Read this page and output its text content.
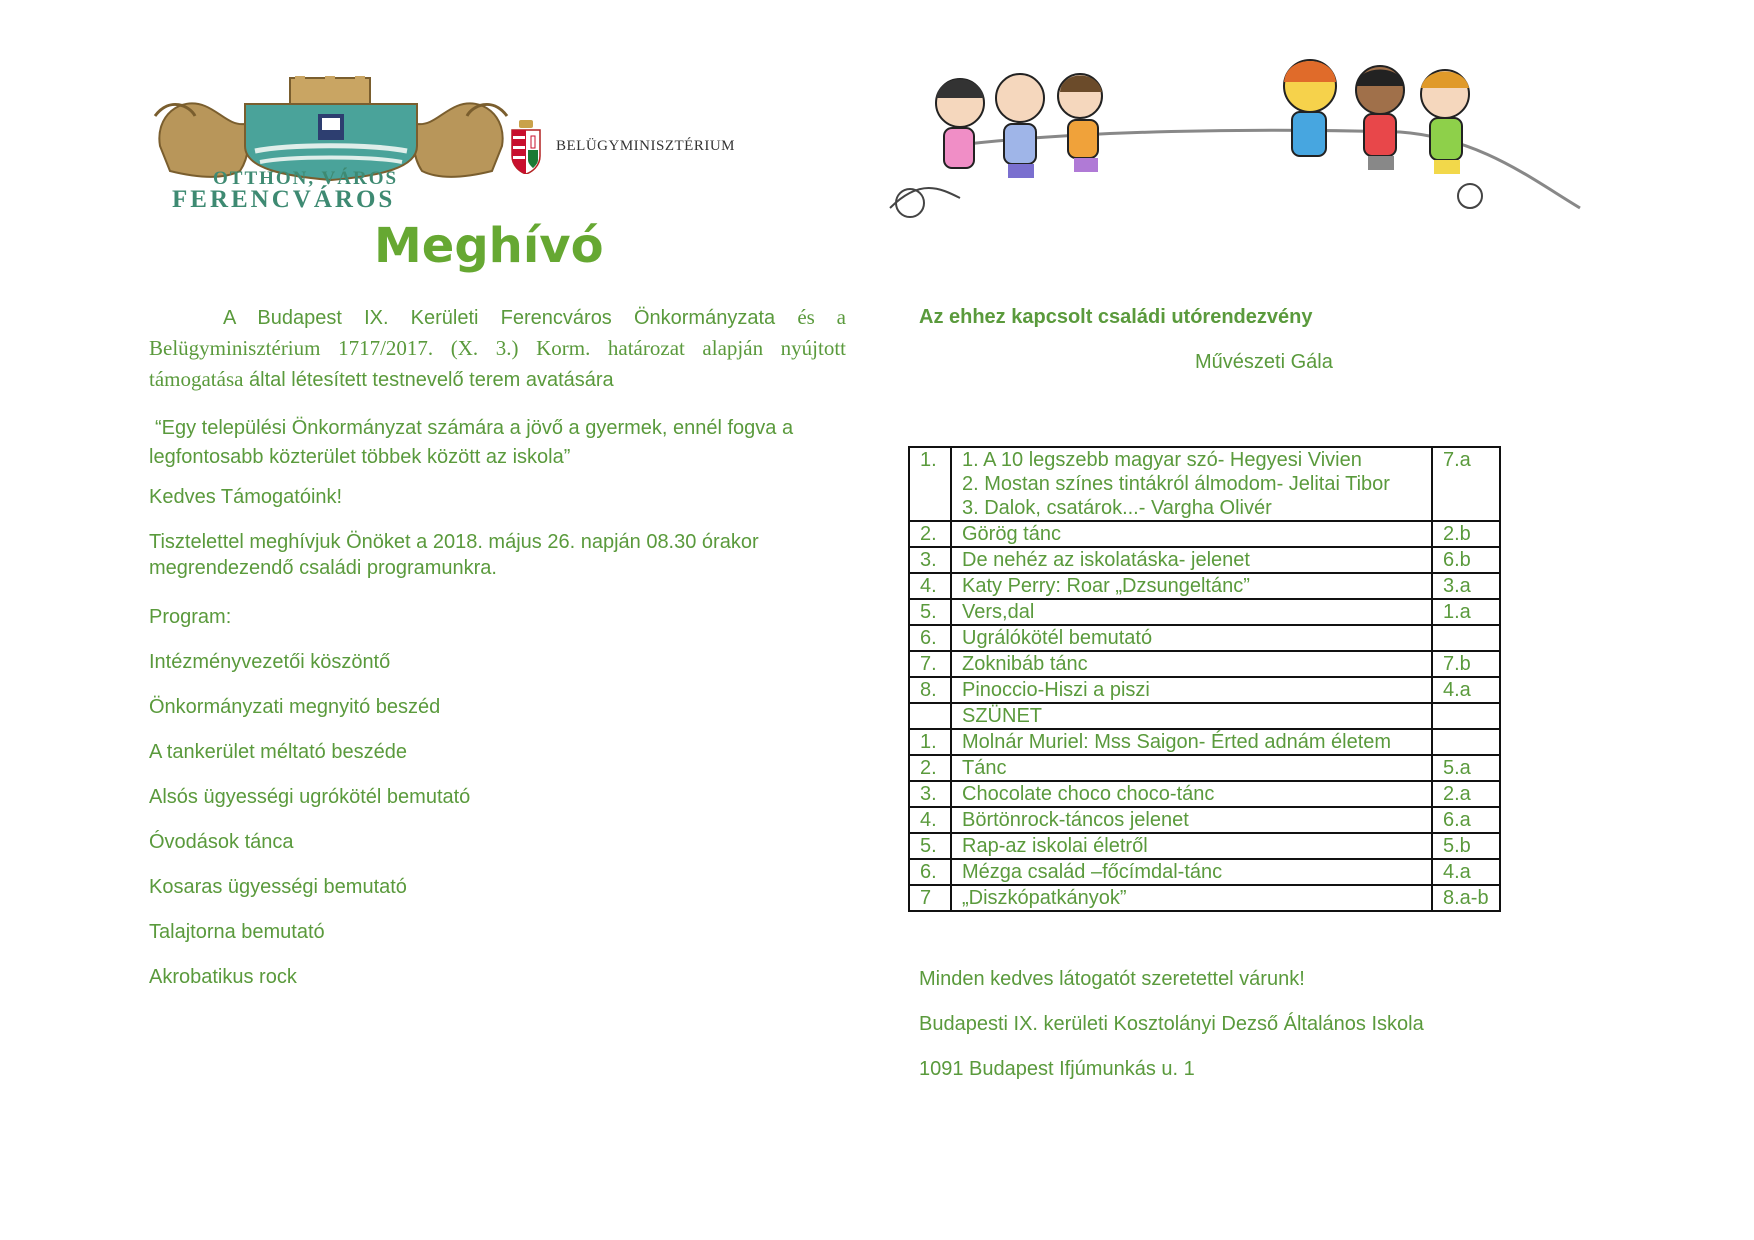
OTTHON, VÁROS
FERENCVÁROS
BELÜGYMINISZTÉRIUM
Meghívó
A Budapest IX. Kerületi Ferencváros Önkormányzata és a Belügyminisztérium 1717/2017. (X. 3.) Korm. határozat alapján nyújtott támogatása által létesített testnevelő terem avatására
“Egy települési Önkormányzat számára a jövő a gyermek, ennél fogva a legfontosabb közterület többek között az iskola”
Kedves Támogatóink!
Tisztelettel meghívjuk Önöket a 2018. május 26. napján 08.30 órakor megrendezendő családi programunkra.
Program:
Intézményvezetői köszöntő
Önkormányzati megnyitó beszéd
A tankerület méltató beszéde
Alsós ügyességi ugrókötél bemutató
Óvodások tánca
Kosaras ügyességi bemutató
Talajtorna bemutató
Akrobatikus rock
Az ehhez kapcsolt családi utórendezvény
Művészeti Gála
1.	1. A 10 legszebb magyar szó- Hegyesi Vivien
2. Mostan színes tintákról álmodom- Jelitai Tibor
3. Dalok, csatárok...- Vargha Olivér	7.a
2.	Görög tánc	2.b
3.	De nehéz az iskolatáska- jelenet	6.b
4.	Katy Perry: Roar „Dzsungeltánc”	3.a
5.	Vers,dal	1.a
6.	Ugrálókötél bemutató	
7.	Zoknibáb tánc	7.b
8.	Pinoccio-Hiszi a piszi	4.a
	SZÜNET	
1.	Molnár Muriel: Mss Saigon- Érted adnám életem

2.	Tánc	5.a
3.	Chocolate choco choco-tánc	2.a
4.	Börtönrock-táncos jelenet	6.a
5.	Rap-az iskolai életről	5.b
6.	Mézga család –főcímdal-tánc	4.a
7	„Diszkópatkányok”	8.a-b
Minden kedves látogatót szeretettel várunk!
Budapesti IX. kerületi Kosztolányi Dezső Általános Iskola
1091 Budapest Ifjúmunkás u. 1
